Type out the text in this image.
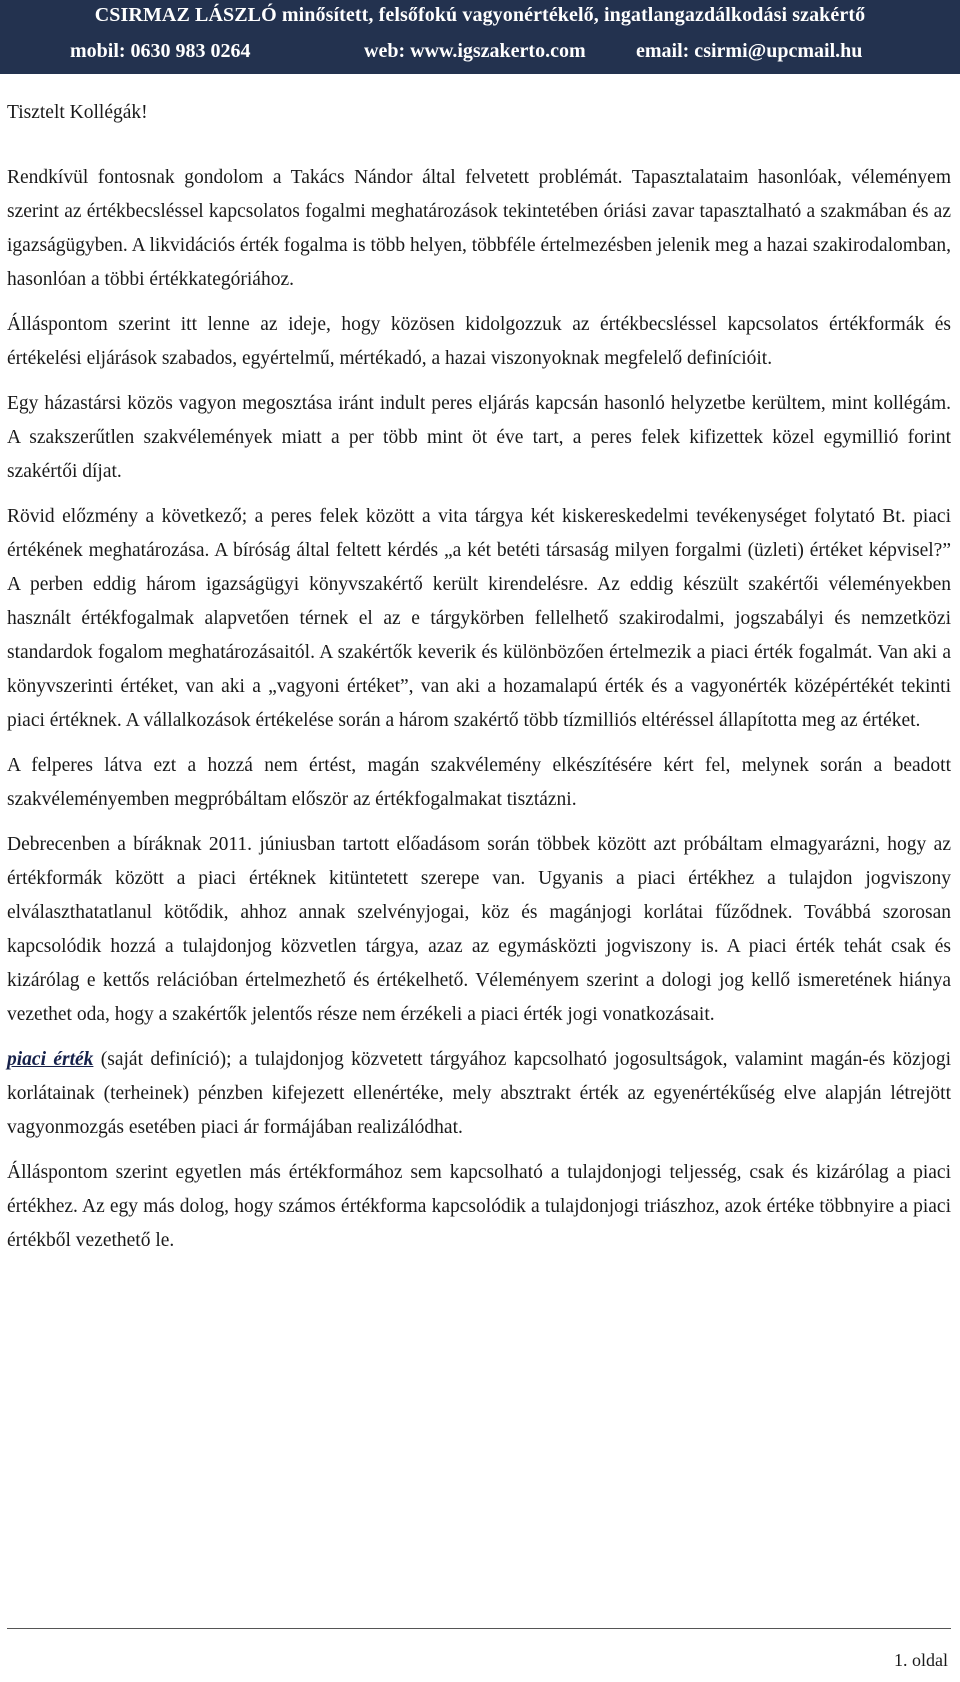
CSIRMAZ LÁSZLÓ minősített, felsőfokú vagyonértékelő, ingatlangazdálkodási szakértő
mobil: 0630 983 0264	web: www.igszakerto.com	email: csirmi@upcmail.hu

Tisztelt Kollégák!

Rendkívül fontosnak gondolom a Takács Nándor által felvetett problémát. Tapasztalataim hasonlóak, véleményem szerint az értékbecsléssel kapcsolatos fogalmi meghatározások tekintetében óriási zavar tapasztalható a szakmában és az igazságügyben. A likvidációs érték fogalma is több helyen, többféle értelmezésben jelenik meg a hazai szakirodalomban, hasonlóan a többi értékkategóriához.

Álláspontom szerint itt lenne az ideje, hogy közösen kidolgozzuk az értékbecsléssel kapcsolatos értékformák és értékelési eljárások szabados, egyértelmű, mértékadó, a hazai viszonyoknak megfelelő definícióit.

Egy házastársi közös vagyon megosztása iránt indult peres eljárás kapcsán hasonló helyzetbe kerültem, mint kollégám. A szakszerűtlen szakvélemények miatt a per több mint öt éve tart, a peres felek kifizettek közel egymillió forint szakértői díjat.

Rövid előzmény a következő; a peres felek között a vita tárgya két kiskereskedelmi tevékenységet folytató Bt. piaci értékének meghatározása. A bíróság által feltett kérdés „a két betéti társaság milyen forgalmi (üzleti) értéket képvisel?” A perben eddig három igazságügyi könyvszakértő került kirendelésre. Az eddig készült szakértői véleményekben használt értékfogalmak alapvetően térnek el az e tárgykörben fellelhető szakirodalmi, jogszabályi és nemzetközi standardok fogalom meghatározásaitól. A szakértők keverik és különbözően értelmezik a piaci érték fogalmát. Van aki a könyvszerinti értéket, van aki a „vagyoni értéket”, van aki a hozamalapú érték és a vagyonérték középértékét tekinti piaci értéknek. A vállalkozások értékelése során a három szakértő több tízmilliós eltéréssel állapította meg az értéket.

A felperes látva ezt a hozzá nem értést, magán szakvélemény elkészítésére kért fel, melynek során a beadott szakvéleményemben megpróbáltam először az értékfogalmakat tisztázni.

Debrecenben a bíráknak 2011. júniusban tartott előadásom során többek között azt próbáltam elmagyarázni, hogy az értékformák között a piaci értéknek kitüntetett szerepe van. Ugyanis a piaci értékhez a tulajdon jogviszony elválaszthatatlanul kötődik, ahhoz annak szelvényjogai, köz és magánjogi korlátai fűződnek. Továbbá szorosan kapcsolódik hozzá a tulajdonjog közvetlen tárgya, azaz az egymásközti jogviszony is. A piaci érték tehát csak és kizárólag e kettős relációban értelmezhető és értékelhető. Véleményem szerint a dologi jog kellő ismeretének hiánya vezethet oda, hogy a szakértők jelentős része nem érzékeli a piaci érték jogi vonatkozásait.

piaci érték (saját definíció); a tulajdonjog közvetett tárgyához kapcsolható jogosultságok, valamint magán-és közjogi korlátainak (terheinek) pénzben kifejezett ellenértéke, mely absztrakt érték az egyenértékűség elve alapján létrejött vagyonmozgás esetében piaci ár formájában realizálódhat.

Álláspontom szerint egyetlen más értékformához sem kapcsolható a tulajdonjogi teljesség, csak és kizárólag a piaci értékhez. Az egy más dolog, hogy számos értékforma kapcsolódik a tulajdonjogi triászhoz, azok értéke többnyire a piaci értékből vezethető le.

1. oldal
